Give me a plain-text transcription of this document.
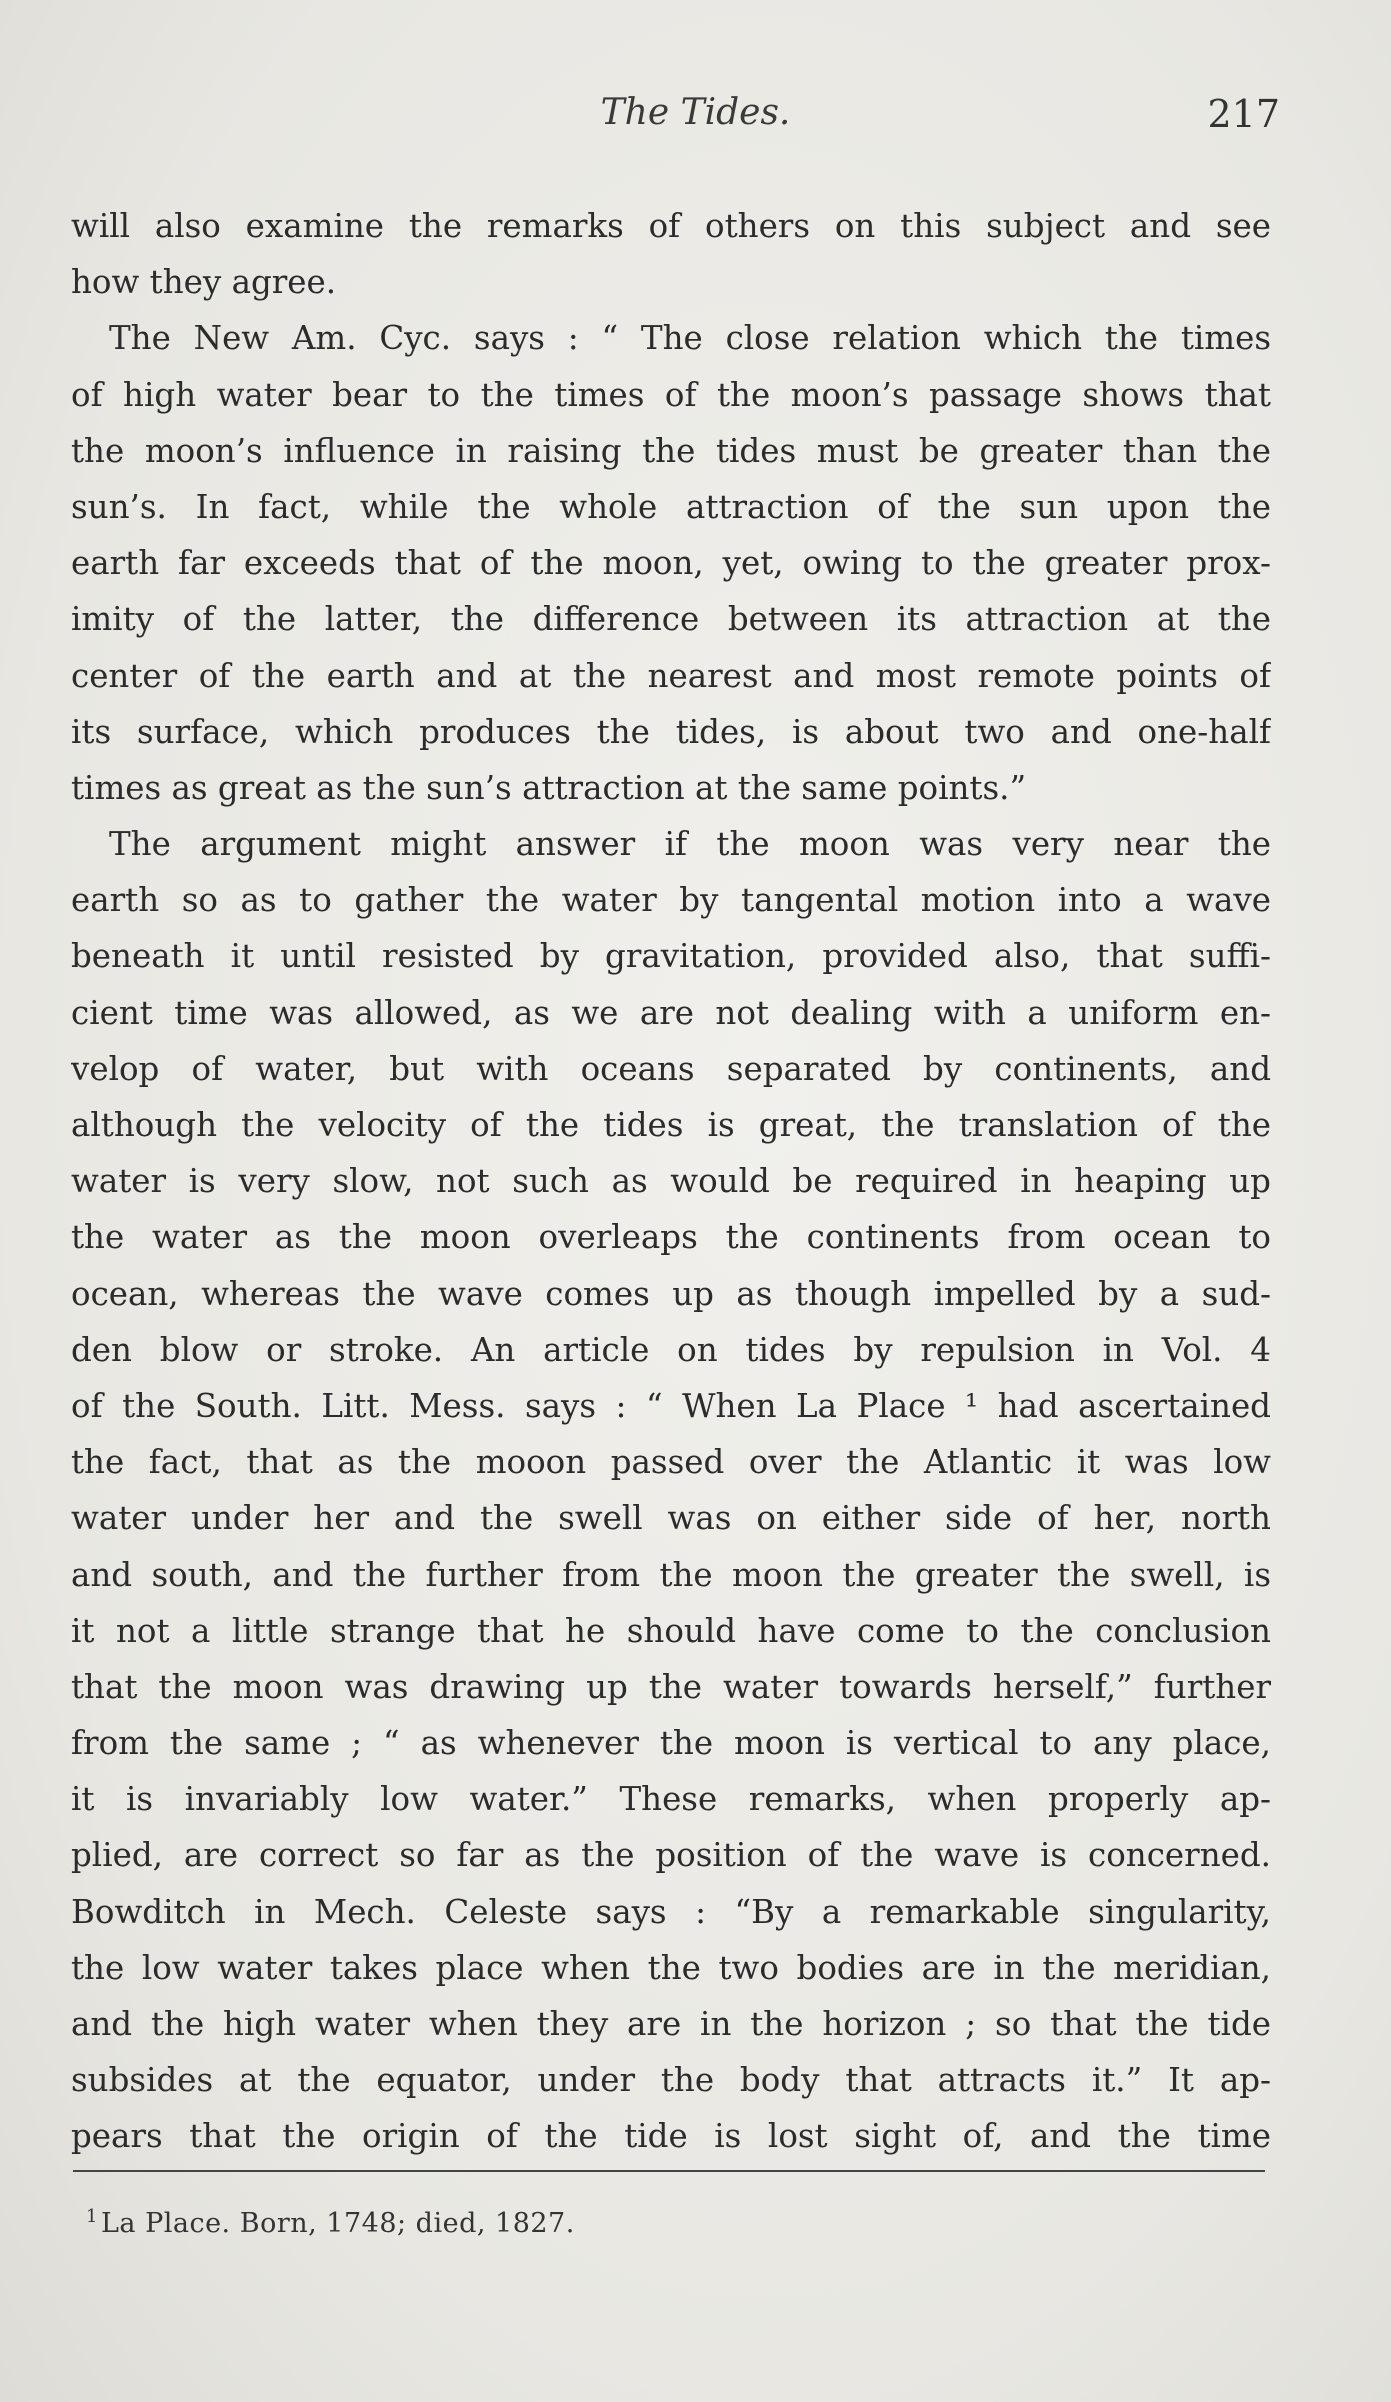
The Tides.	217
will also examine the remarks of others on this subject and see
how they agree.
The New Am. Cyc. says : “ The close relation which the times
of high water bear to the times of the moon’s passage shows that
the moon’s influence in raising the tides must be greater than the
sun’s. In fact, while the whole attraction of the sun upon the
earth far exceeds that of the moon, yet, owing to the greater prox-
imity of the latter, the difference between its attraction at the
center of the earth and at the nearest and most remote points of
its surface, which produces the tides, is about two and one-half
times as great as the sun’s attraction at the same points.”
The argument might answer if the moon was very near the
earth so as to gather the water by tangental motion into a wave
beneath it until resisted by gravitation, provided also, that suffi-
cient time was allowed, as we are not dealing with a uniform en-
velop of water, but with oceans separated by continents, and
although the velocity of the tides is great, the translation of the
water is very slow, not such as would be required in heaping up
the water as the moon overleaps the continents from ocean to
ocean, whereas the wave comes up as though impelled by a sud-
den blow or stroke. An article on tides by repulsion in Vol. 4
of the South. Litt. Mess. says : “ When La Place ¹ had ascertained
the fact, that as the mooon passed over the Atlantic it was low
water under her and the swell was on either side of her, north
and south, and the further from the moon the greater the swell, is
it not a little strange that he should have come to the conclusion
that the moon was drawing up the water towards herself,” further
from the same ; “ as whenever the moon is vertical to any place,
it is invariably low water.” These remarks, when properly ap-
plied, are correct so far as the position of the wave is concerned.
Bowditch in Mech. Celeste says : “By a remarkable singularity,
the low water takes place when the two bodies are in the meridian,
and the high water when they are in the horizon ; so that the tide
subsides at the equator, under the body that attracts it.” It ap-
pears that the origin of the tide is lost sight of, and the time
$^1$ La Place. Born, 1748; died, 1827.
